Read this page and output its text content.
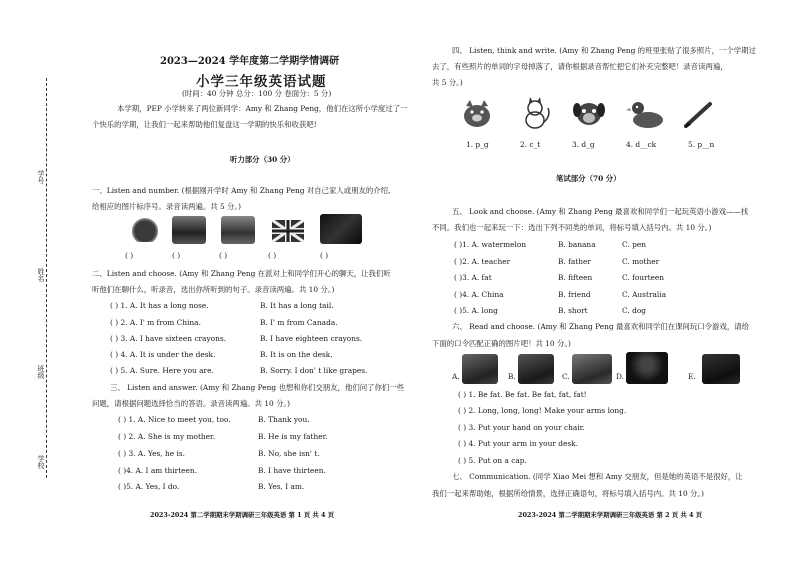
学号
姓名
班级
学校
2023—2024 学年度第二学期学情调研
小学三年级英语试题
(时间：40 分钟 总分：100 分 卷面分：5 分)
本学期，PEP 小学转来了两位新同学：Amy 和 Zhang Peng，他们在这所小学度过了一
个快乐的学期，让我们一起来帮助他们复盘这一学期的快乐和收获吧!
听力部分（30 分）
一、Listen and number. (根据刚开学时 Amy 和 Zhang Peng 对自己家人或朋友的介绍,
给相应的图片标序号。录音读两遍。共 5 分。)
( )	( )	( )	( )	( )
二、Listen and choose. (Amy 和 Zhang Peng 在派对上和同学们开心的聊天，让我们听
听他们在聊什么，听录音，选出你所听到的句子。录音读两遍。共 10 分。)
( ) 1. A. It has a long nose.	B. It has a long tail.
( ) 2. A. I' m from China.	B. I' m from Canada.
( ) 3. A. I have sixteen crayons.	B. I have eighteen crayons.
( ) 4. A. It is under the desk.	B. It is on the desk.
( ) 5. A. Sure. Here you are.	B. Sorry. I don' t like grapes.
三、 Listen and answer. (Amy 和 Zhang Peng 也想和你们交朋友，他们问了你们一些
问题，请根据问题选择恰当的答语。录音读两遍。共 10 分。)
( ) 1. A. Nice to meet you, too.	B. Thank you.
( ) 2. A. She is my mother.	B. He is my father.
( ) 3. A. Yes, he is.	B. No, she isn' t.
( )4. A. I am thirteen.	B. I have thirteen.
( )5. A. Yes, I do.	B. Yes, I am.
2023-2024 第二学期期末学期调研三年级英语 第 1 页 共 4 页
四、 Listen, think and write. (Amy 和 Zhang Peng 的班里张贴了很多照片，一个学期过
去了，有些照片的单词的字母掉落了，请你根据录音帮忙把它们补充完整吧！录音读两遍，
共 5 分。)
1. p_g	2. c_t	3. d_g	4. d__ck	5. p__n
笔试部分（70 分）
五、 Look and choose. (Amy 和 Zhang Peng 最喜欢和同学们一起玩英语小游戏——找
不同。我们也一起来玩一下：选出下列不同类的单词，将标号填入括号内。共 10 分。)
( )1. A. watermelon	B. banana	C. pen
( )2. A. teacher	B. father	C. mother
( )3. A. fat	B. fifteen	C. fourteen
( )4. A. China	B. friend	C. Australia
( )5. A. long	B. short	C. dog
六、 Read and choose. (Amy 和 Zhang Peng 最喜欢和同学们在课间玩口令游戏，请给
下面的口令匹配正确的图片吧！共 10 分。)
A.	B.	C.	D.	E.
( ) 1. Be fat. Be fat. Be fat, fat, fat!
( ) 2. Long, long, long! Make your arms long.
( ) 3. Put your hand on your chair.
( ) 4. Put your arm in your desk.
( ) 5. Put on a cap.
七、 Communication. (同学 Xiao Mei 想和 Amy 交朋友，但是她的英语不是很好，让
我们一起来帮助她，根据所给情景，选择正确语句，将标号填入括号内。共 10 分。)
2023-2024 第二学期期末学期调研三年级英语 第 2 页 共 4 页
